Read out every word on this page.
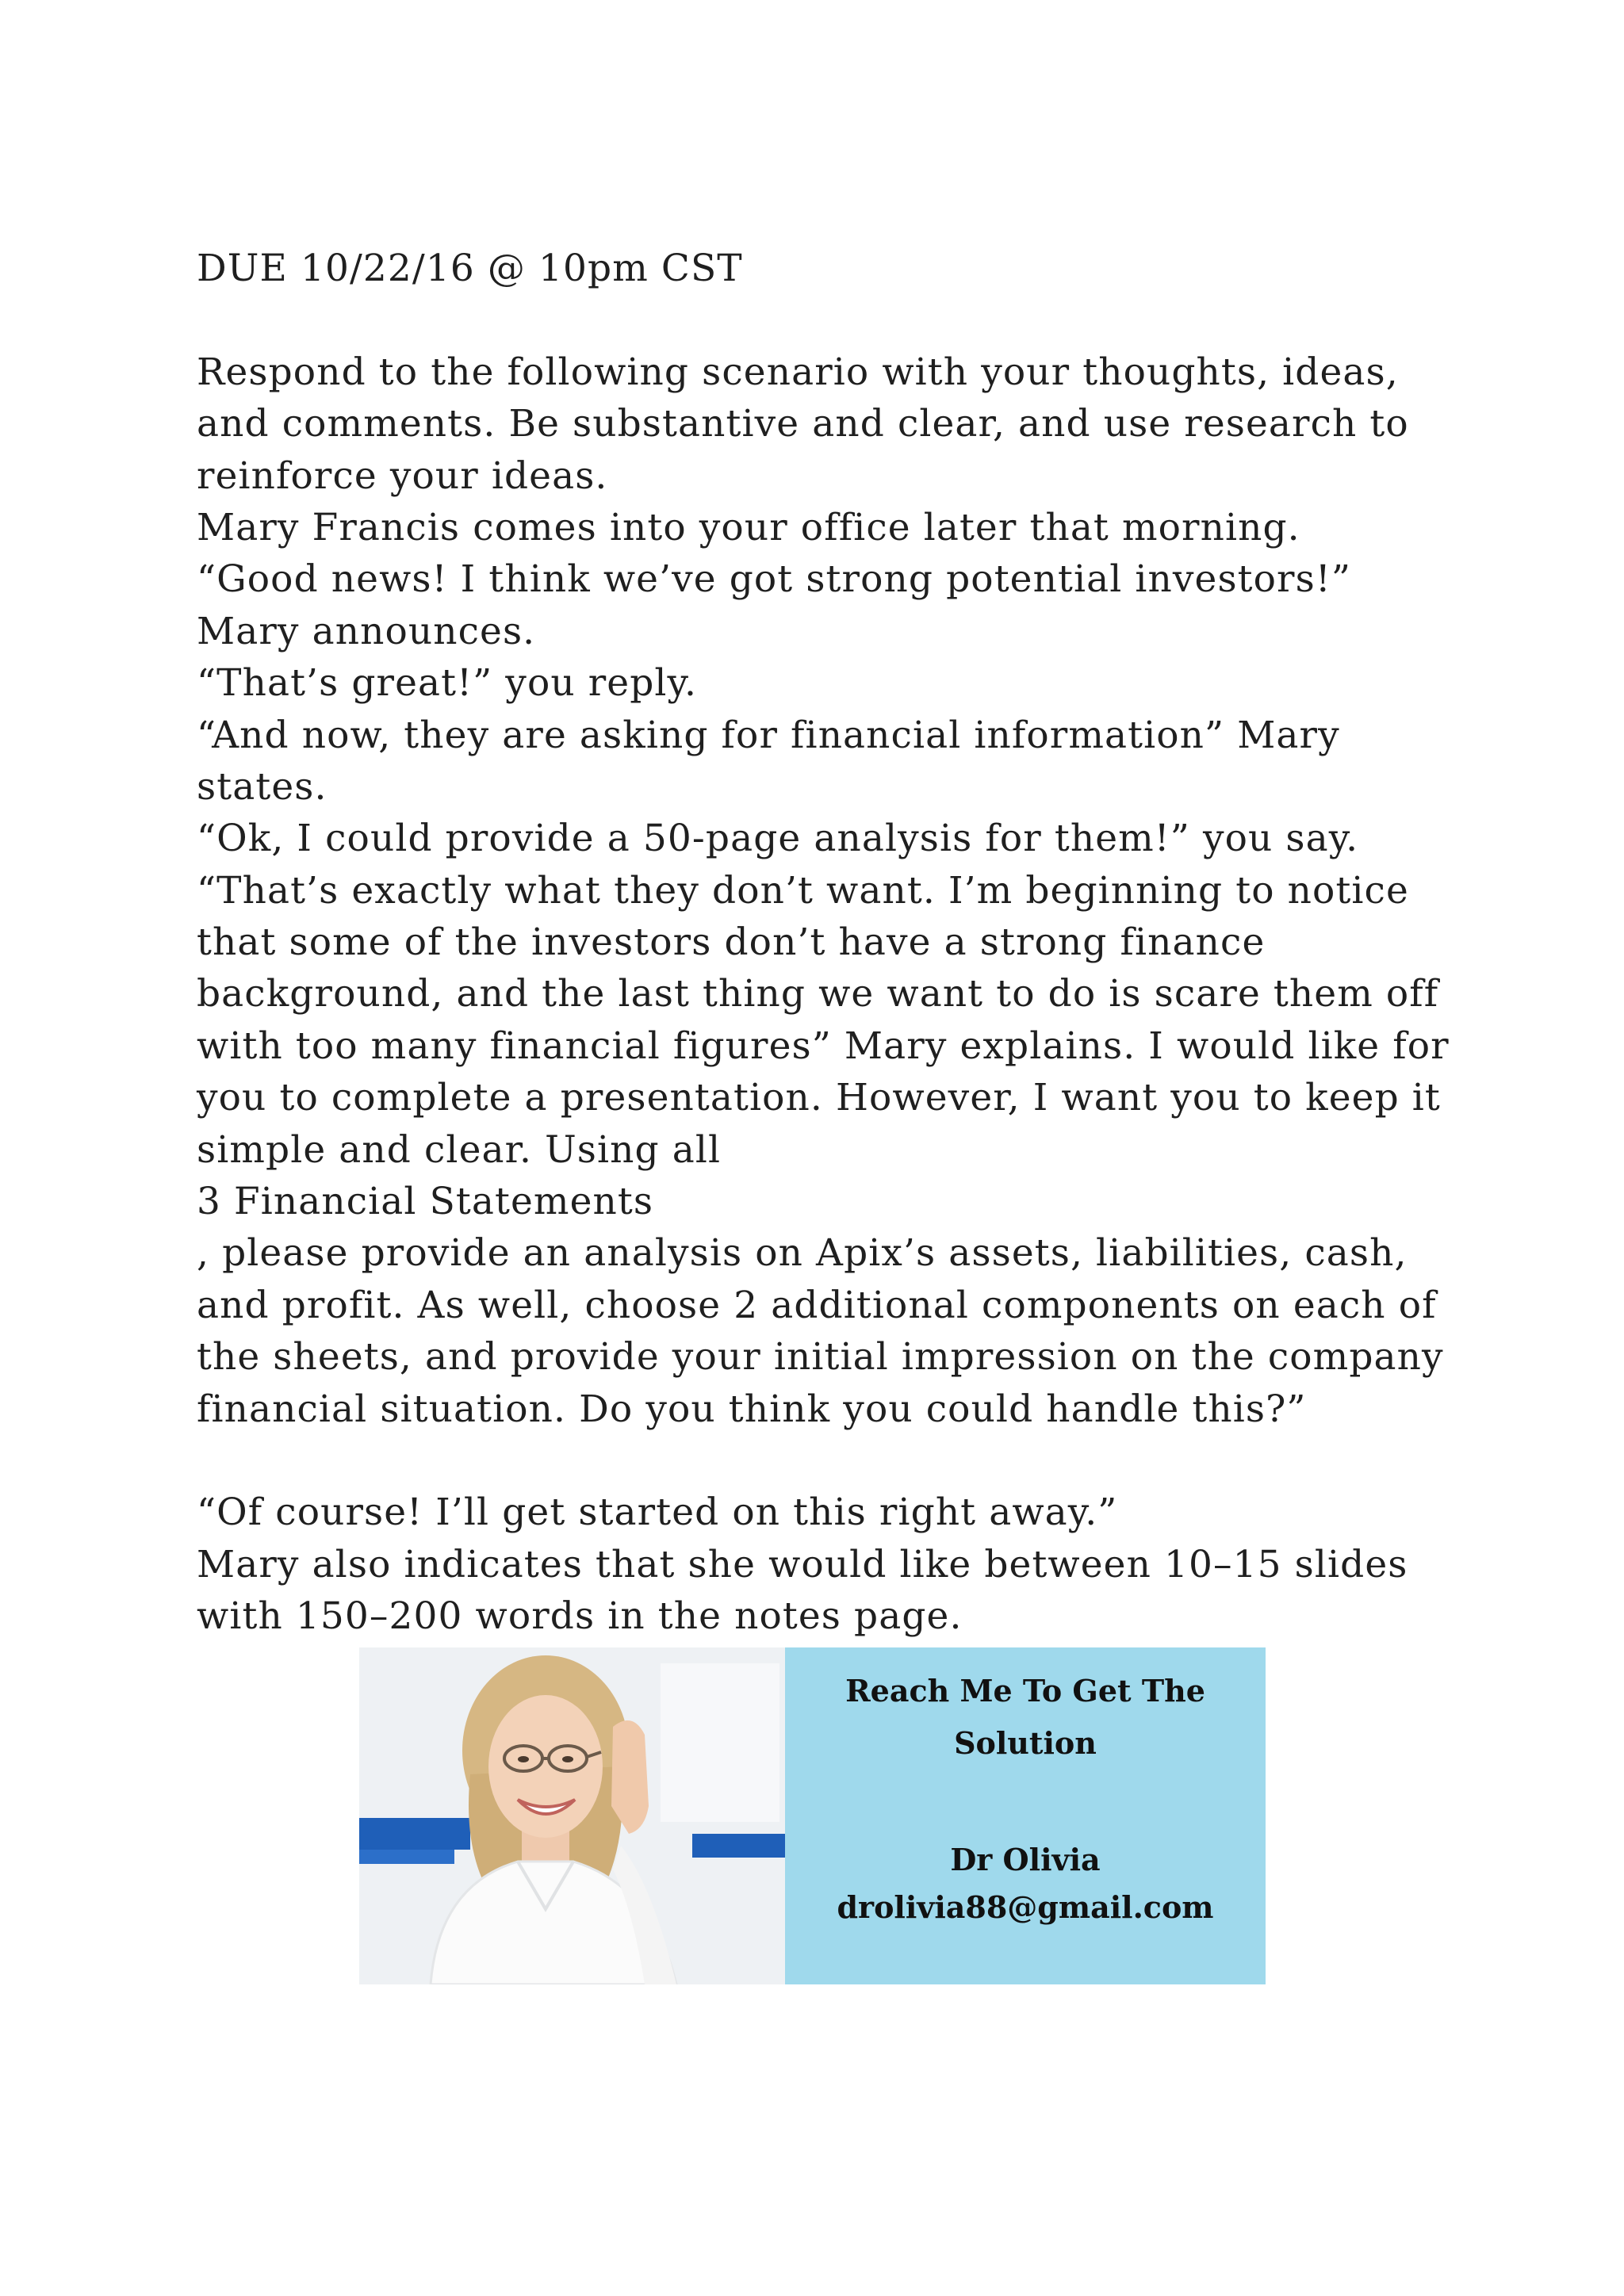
DUE 10/22/16 @ 10pm CST
Respond to the following scenario with your thoughts, ideas,
and comments. Be substantive and clear, and use research to
reinforce your ideas.
Mary Francis comes into your office later that morning.
“Good news! I think we’ve got strong potential investors!”
Mary announces.
“That’s great!” you reply.
“And now, they are asking for financial information” Mary
states.
“Ok, I could provide a 50-page analysis for them!” you say.
“That’s exactly what they don’t want. I’m beginning to notice
that some of the investors don’t have a strong finance
background, and the last thing we want to do is scare them off
with too many financial figures” Mary explains. I would like for
you to complete a presentation. However, I want you to keep it
simple and clear. Using all
3 Financial Statements
, please provide an analysis on Apix’s assets, liabilities, cash,
and profit. As well, choose 2 additional components on each of
the sheets, and provide your initial impression on the company
financial situation. Do you think you could handle this?”
“Of course! I’ll get started on this right away.”
Mary also indicates that she would like between 10–15 slides
with 150–200 words in the notes page.
Reach Me To Get The
Solution
Dr Olivia
drolivia88@gmail.com
